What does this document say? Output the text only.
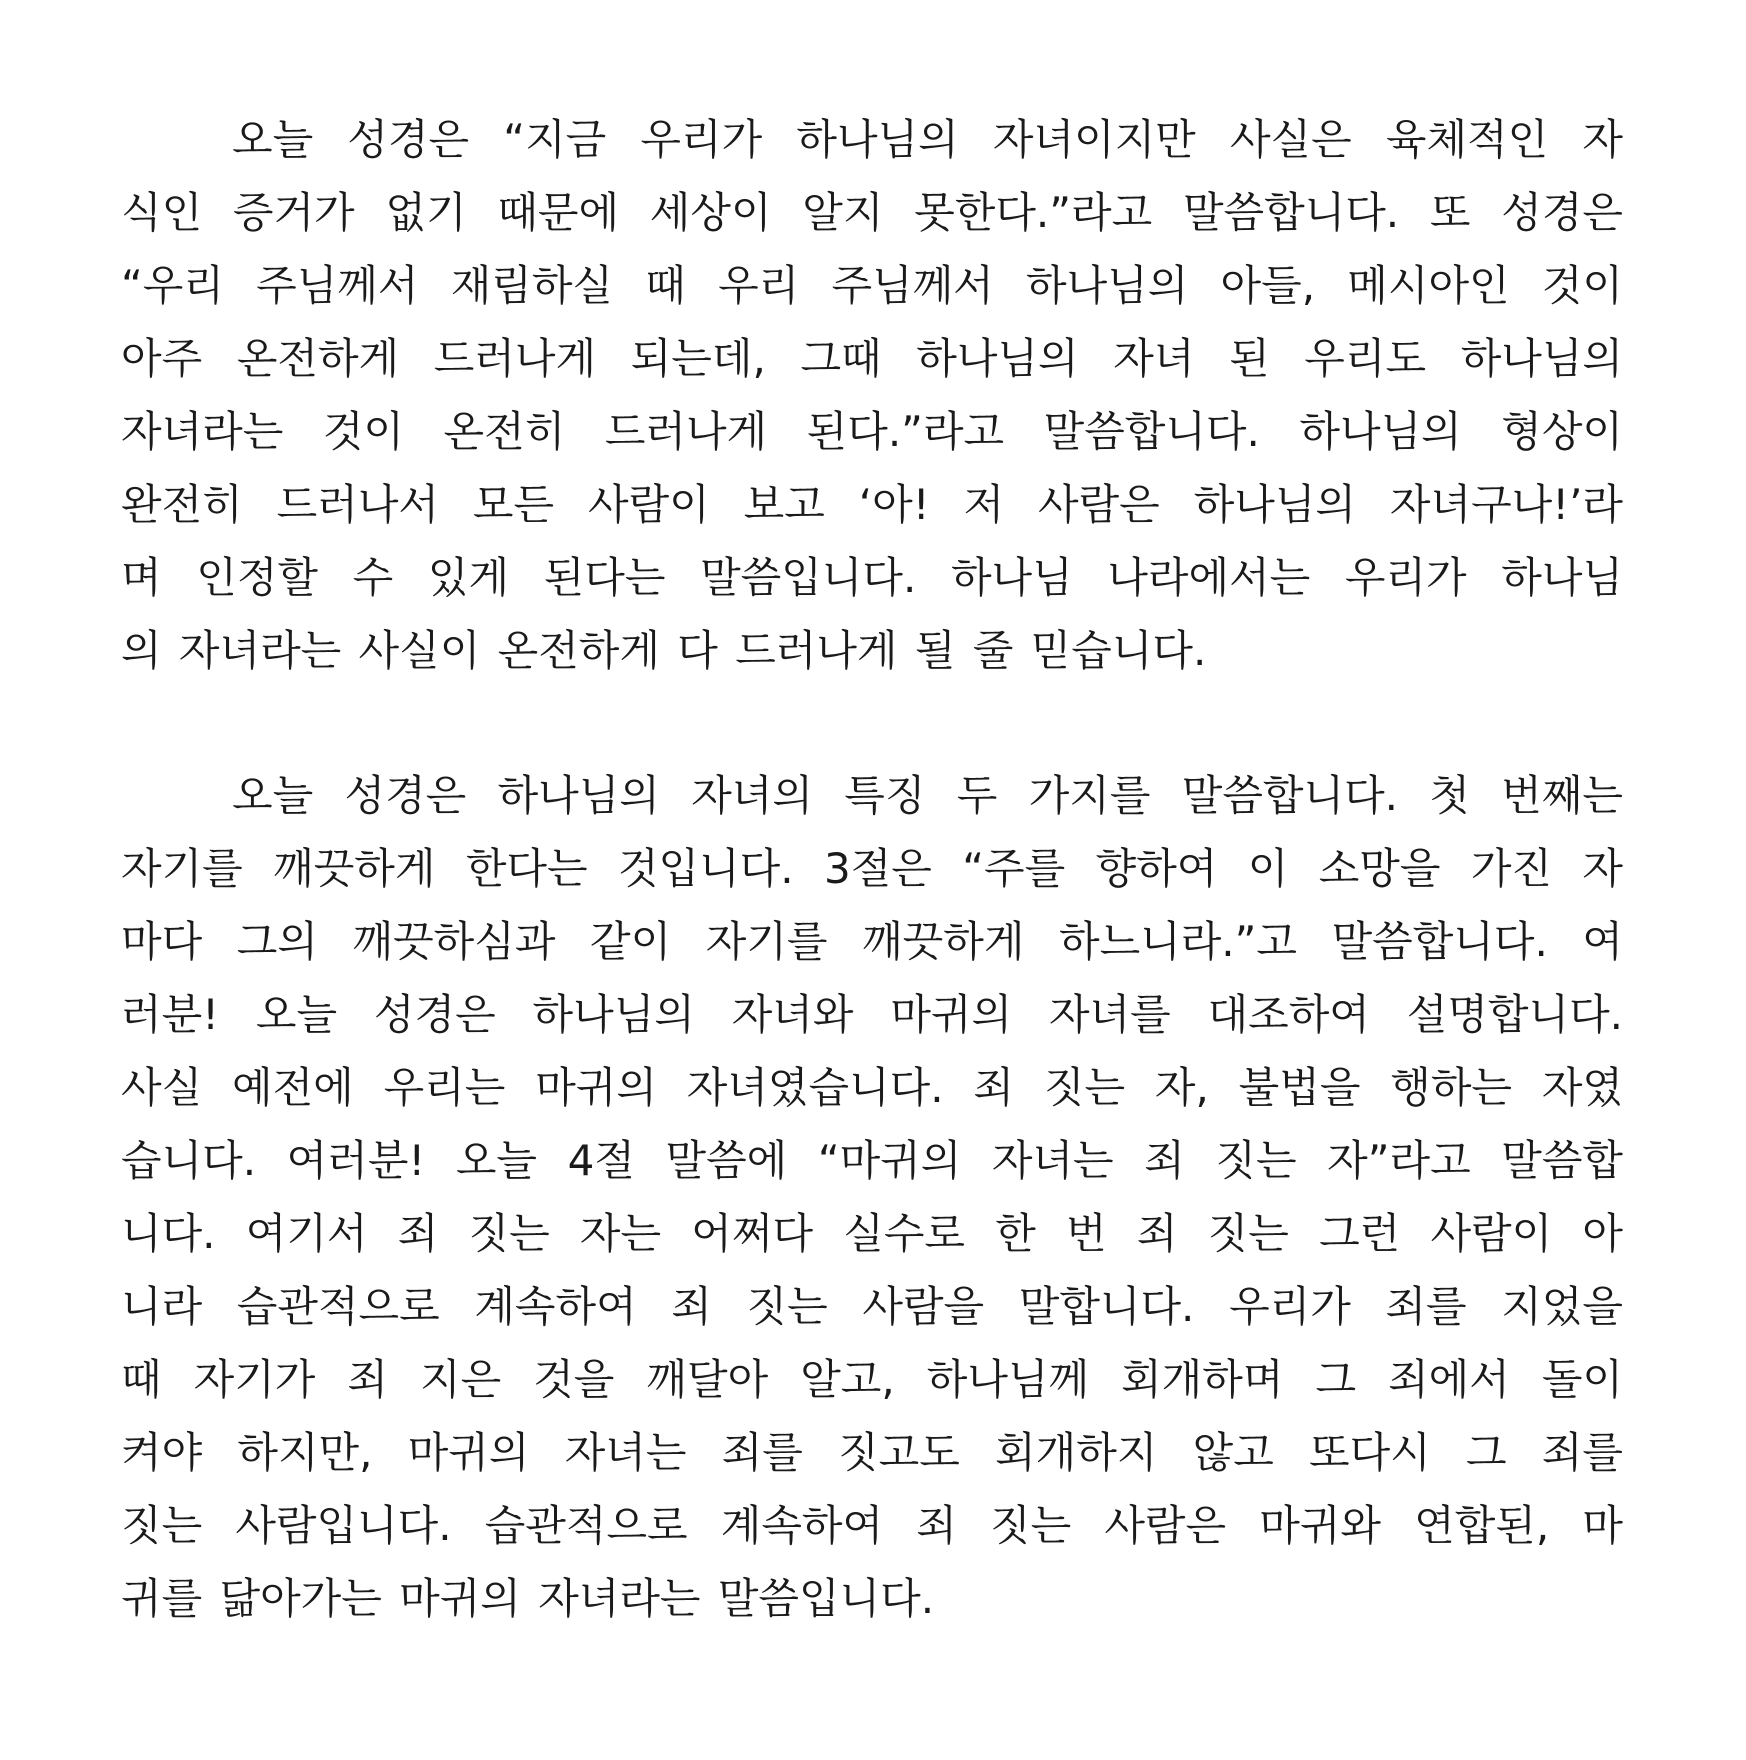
오늘 성경은 “지금 우리가 하나님의 자녀이지만 사실은 육체적인 자
식인 증거가 없기 때문에 세상이 알지 못한다.”라고 말씀합니다. 또 성경은
“우리 주님께서 재림하실 때 우리 주님께서 하나님의 아들, 메시아인 것이
아주 온전하게 드러나게 되는데, 그때 하나님의 자녀 된 우리도 하나님의
자녀라는 것이 온전히 드러나게 된다.”라고 말씀합니다. 하나님의 형상이
완전히 드러나서 모든 사람이 보고 ‘아! 저 사람은 하나님의 자녀구나!’라
며 인정할 수 있게 된다는 말씀입니다. 하나님 나라에서는 우리가 하나님
의 자녀라는 사실이 온전하게 다 드러나게 될 줄 믿습니다.
오늘 성경은 하나님의 자녀의 특징 두 가지를 말씀합니다. 첫 번째는
자기를 깨끗하게 한다는 것입니다. 3절은 “주를 향하여 이 소망을 가진 자
마다 그의 깨끗하심과 같이 자기를 깨끗하게 하느니라.”고 말씀합니다. 여
러분! 오늘 성경은 하나님의 자녀와 마귀의 자녀를 대조하여 설명합니다.
사실 예전에 우리는 마귀의 자녀였습니다. 죄 짓는 자, 불법을 행하는 자였
습니다. 여러분! 오늘 4절 말씀에 “마귀의 자녀는 죄 짓는 자”라고 말씀합
니다. 여기서 죄 짓는 자는 어쩌다 실수로 한 번 죄 짓는 그런 사람이 아
니라 습관적으로 계속하여 죄 짓는 사람을 말합니다. 우리가 죄를 지었을
때 자기가 죄 지은 것을 깨달아 알고, 하나님께 회개하며 그 죄에서 돌이
켜야 하지만, 마귀의 자녀는 죄를 짓고도 회개하지 않고 또다시 그 죄를
짓는 사람입니다. 습관적으로 계속하여 죄 짓는 사람은 마귀와 연합된, 마
귀를 닮아가는 마귀의 자녀라는 말씀입니다.
